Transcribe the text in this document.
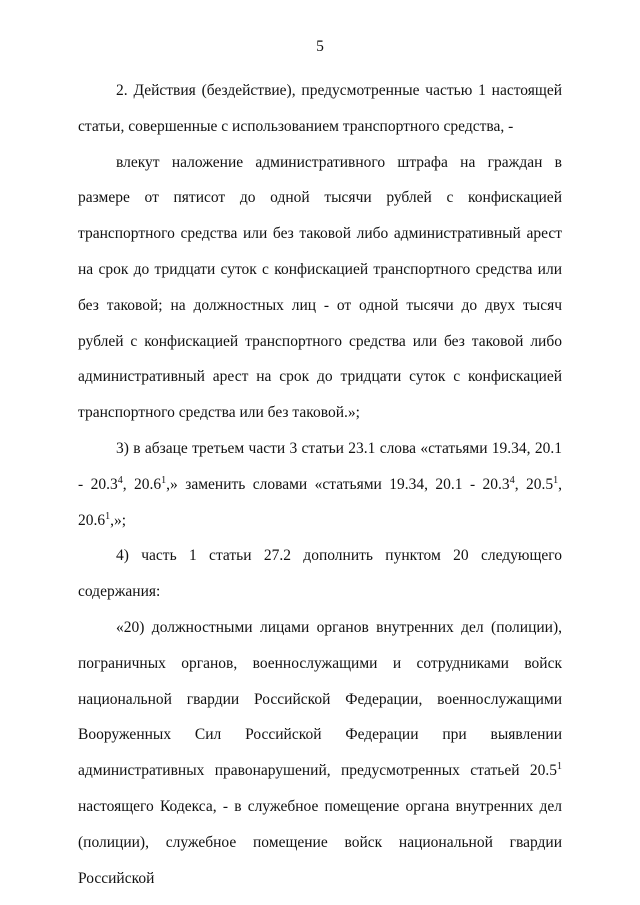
5

2. Действия (бездействие), предусмотренные частью 1 настоящей статьи, совершенные с использованием транспортного средства, -

влекут наложение административного штрафа на граждан в размере от пятисот до одной тысячи рублей с конфискацией транспортного средства или без таковой либо административный арест на срок до тридцати суток с конфискацией транспортного средства или без таковой; на должностных лиц - от одной тысячи до двух тысяч рублей с конфискацией транспортного средства или без таковой либо административный арест на срок до тридцати суток с конфискацией транспортного средства или без таковой.»;

3) в абзаце третьем части 3 статьи 23.1 слова «статьями 19.34, 20.1 - 20.3$^4$, 20.6$^1$,» заменить словами «статьями 19.34, 20.1 - 20.3$^4$, 20.5$^1$, 20.6$^1$,»;

4) часть 1 статьи 27.2 дополнить пунктом 20 следующего содержания:

«20) должностными лицами органов внутренних дел (полиции), пограничных органов, военнослужащими и сотрудниками войск национальной гвардии Российской Федерации, военнослужащими Вооруженных Сил Российской Федерации при выявлении административных правонарушений, предусмотренных статьей 20.5$^1$ настоящего Кодекса, - в служебное помещение органа внутренних дел (полиции), служебное помещение войск национальной гвардии Российской
